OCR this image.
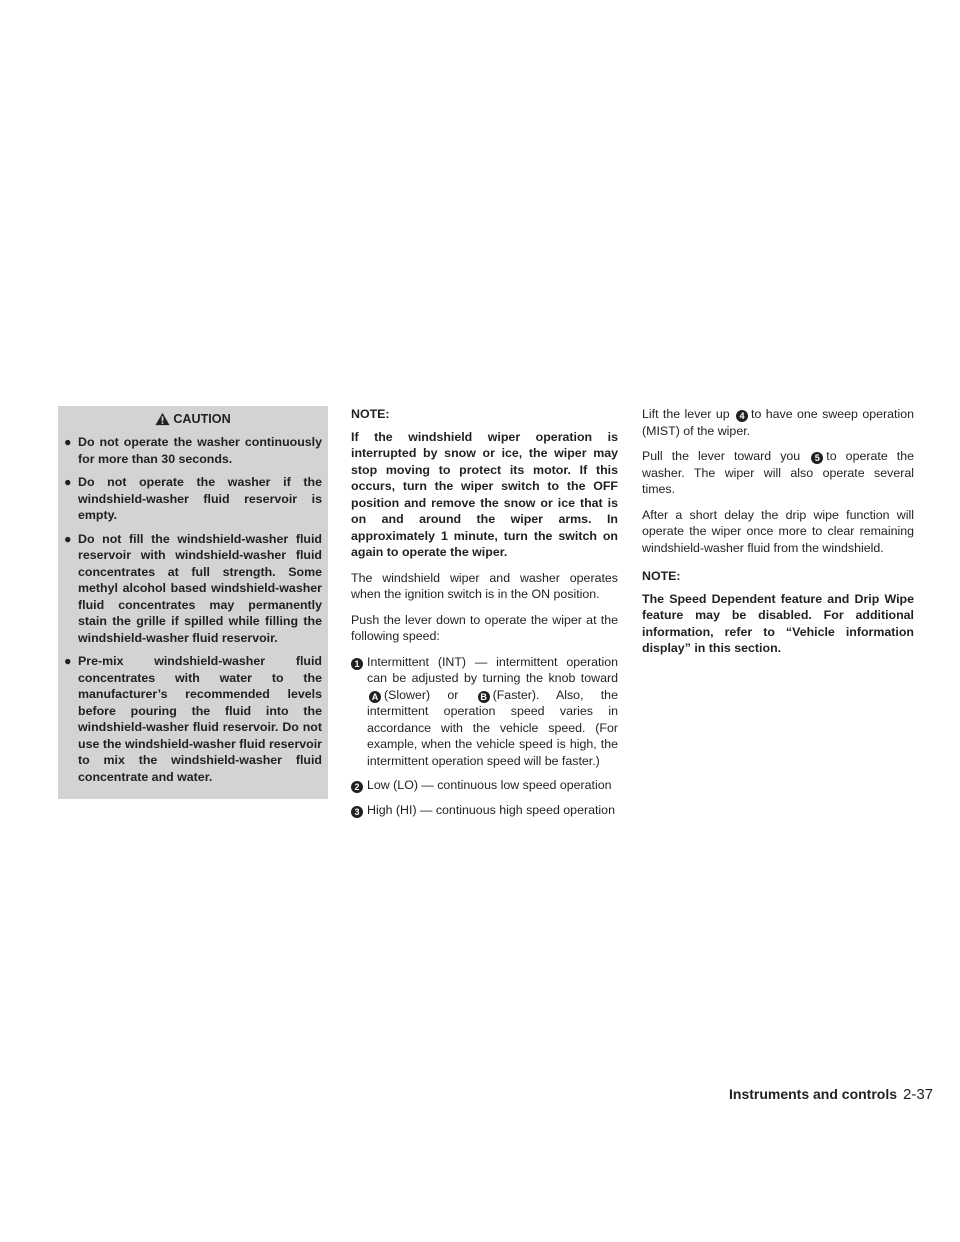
CAUTION
● Do not operate the washer continuously for more than 30 seconds.
● Do not operate the washer if the windshield-washer fluid reservoir is empty.
● Do not fill the windshield-washer fluid reservoir with windshield-washer fluid concentrates at full strength. Some methyl alcohol based windshield-washer fluid concentrates may permanently stain the grille if spilled while filling the windshield-washer fluid reservoir.
● Pre-mix windshield-washer fluid concentrates with water to the manufacturer’s recommended levels before pouring the fluid into the windshield-washer fluid reservoir. Do not use the windshield-washer fluid reservoir to mix the windshield-washer fluid concentrate and water.

NOTE:

If the windshield wiper operation is interrupted by snow or ice, the wiper may stop moving to protect its motor. If this occurs, turn the wiper switch to the OFF position and remove the snow or ice that is on and around the wiper arms. In approximately 1 minute, turn the switch on again to operate the wiper.

The windshield wiper and washer operates when the ignition switch is in the ON position.

Push the lever down to operate the wiper at the following speed:

1 Intermittent (INT) — intermittent operation can be adjusted by turning the knob toward A (Slower) or B (Faster). Also, the intermittent operation speed varies in accordance with the vehicle speed. (For example, when the vehicle speed is high, the intermittent operation speed will be faster.)
2 Low (LO) — continuous low speed operation
3 High (HI) — continuous high speed operation

Lift the lever up 4 to have one sweep operation (MIST) of the wiper.

Pull the lever toward you 5 to operate the washer. The wiper will also operate several times.

After a short delay the drip wipe function will operate the wiper once more to clear remaining windshield-washer fluid from the windshield.

NOTE:

The Speed Dependent feature and Drip Wipe feature may be disabled. For additional information, refer to “Vehicle information display” in this section.

Instruments and controls 2-37
